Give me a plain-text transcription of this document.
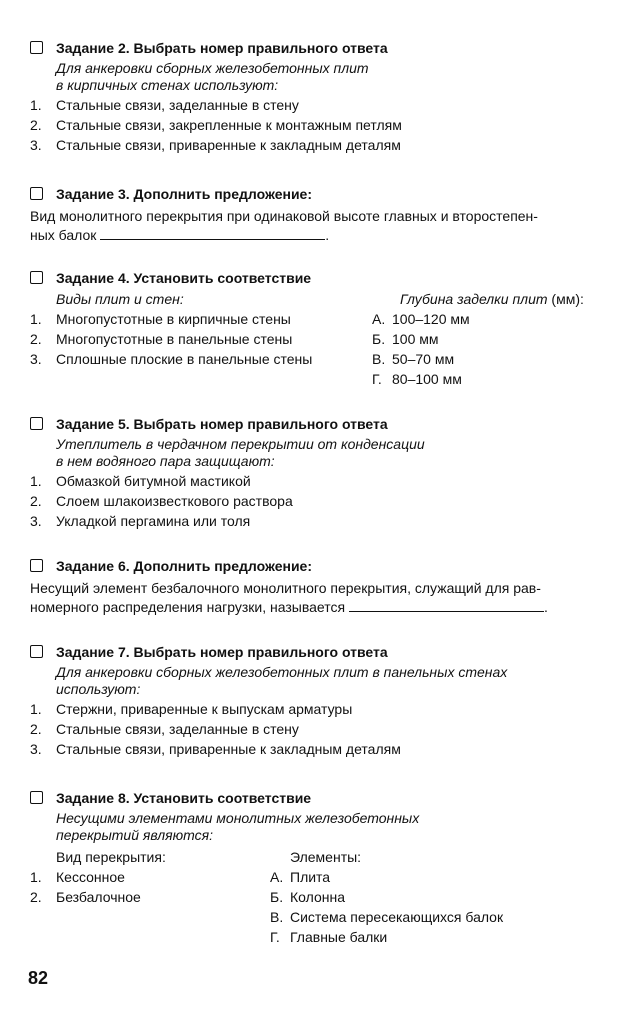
Задание 2. Выбрать номер правильного ответа
Для анкеровки сборных железобетонных плит
в кирпичных стенах используют:
1.	Стальные связи, заделанные в стену
2.	Стальные связи, закрепленные к монтажным петлям
3.	Стальные связи, приваренные к закладным деталям
Задание 3. Дополнить предложение:
Вид монолитного перекрытия при одинаковой высоте главных и второстепен-
ных балок	.
Задание 4. Установить соответствие
Виды плит и стен:
1.	Многопустотные в кирпичные стены
2.	Многопустотные в панельные стены
3.	Сплошные плоские в панельные стены
Глубина заделки плит (мм):
А. 100–120 мм
Б. 100 мм
В. 50–70 мм
Г. 80–100 мм
Задание 5. Выбрать номер правильного ответа
Утеплитель в чердачном перекрытии от конденсации
в нем водяного пара защищают:
1.	Обмазкой битумной мастикой
2.	Слоем шлакоизвесткового раствора
3.	Укладкой пергамина или толя
Задание 6. Дополнить предложение:
Несущий элемент безбалочного монолитного перекрытия, служащий для рав-
номерного распределения нагрузки, называется	.
Задание 7. Выбрать номер правильного ответа
Для анкеровки сборных железобетонных плит в панельных стенах
используют:
1.	Стержни, приваренные к выпускам арматуры
2.	Стальные связи, заделанные в стену
3.	Стальные связи, приваренные к закладным деталям
Задание 8. Установить соответствие
Несущими элементами монолитных железобетонных
перекрытий являются:
Вид перекрытия:
1.	Кессонное
2.	Безбалочное
Элементы:
А. Плита
Б. Колонна
В. Система пересекающихся балок
Г. Главные балки
82
